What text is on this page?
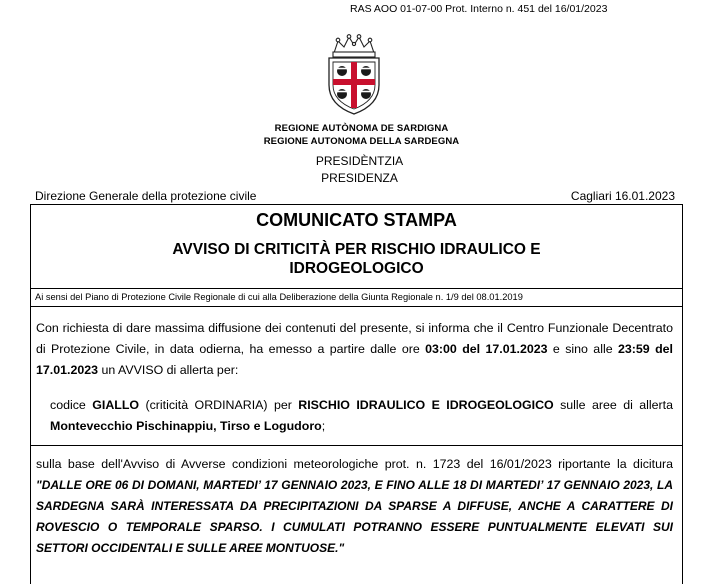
RAS AOO 01-07-00 Prot. Interno n. 451 del 16/01/2023
REGIONE AUTÒNOMA DE SARDIGNA
REGIONE AUTONOMA DELLA SARDEGNA
PRESIDÈNTZIA
PRESIDENZA
Direzione Generale della protezione civile	Cagliari 16.01.2023
COMUNICATO STAMPA
AVVISO DI CRITICITÀ PER RISCHIO IDRAULICO E
IDROGEOLOGICO
Ai sensi del Piano di Protezione Civile Regionale di cui alla Deliberazione della Giunta Regionale n. 1/9 del 08.01.2019

Con richiesta di dare massima diffusione dei contenuti del presente, si informa che il Centro Funzionale Decentrato di Protezione Civile, in data odierna, ha emesso a partire dalle ore 03:00 del 17.01.2023 e sino alle 23:59 del 17.01.2023 un AVVISO di allerta per:

codice GIALLO (criticità ORDINARIA) per RISCHIO IDRAULICO E IDROGEOLOGICO sulle aree di allerta Montevecchio Pischinappiu, Tirso e Logudoro;

sulla base dell'Avviso di Avverse condizioni meteorologiche prot. n. 1723 del 16/01/2023 riportante la dicitura "DALLE ORE 06 DI DOMANI, MARTEDI’ 17 GENNAIO 2023, E FINO ALLE 18 DI MARTEDI’ 17 GENNAIO 2023, LA SARDEGNA SARÀ INTERESSATA DA PRECIPITAZIONI DA SPARSE A DIFFUSE, ANCHE A CARATTERE DI ROVESCIO O TEMPORALE SPARSO. I CUMULATI POTRANNO ESSERE PUNTUALMENTE ELEVATI SUI SETTORI OCCIDENTALI E SULLE AREE MONTUOSE."
